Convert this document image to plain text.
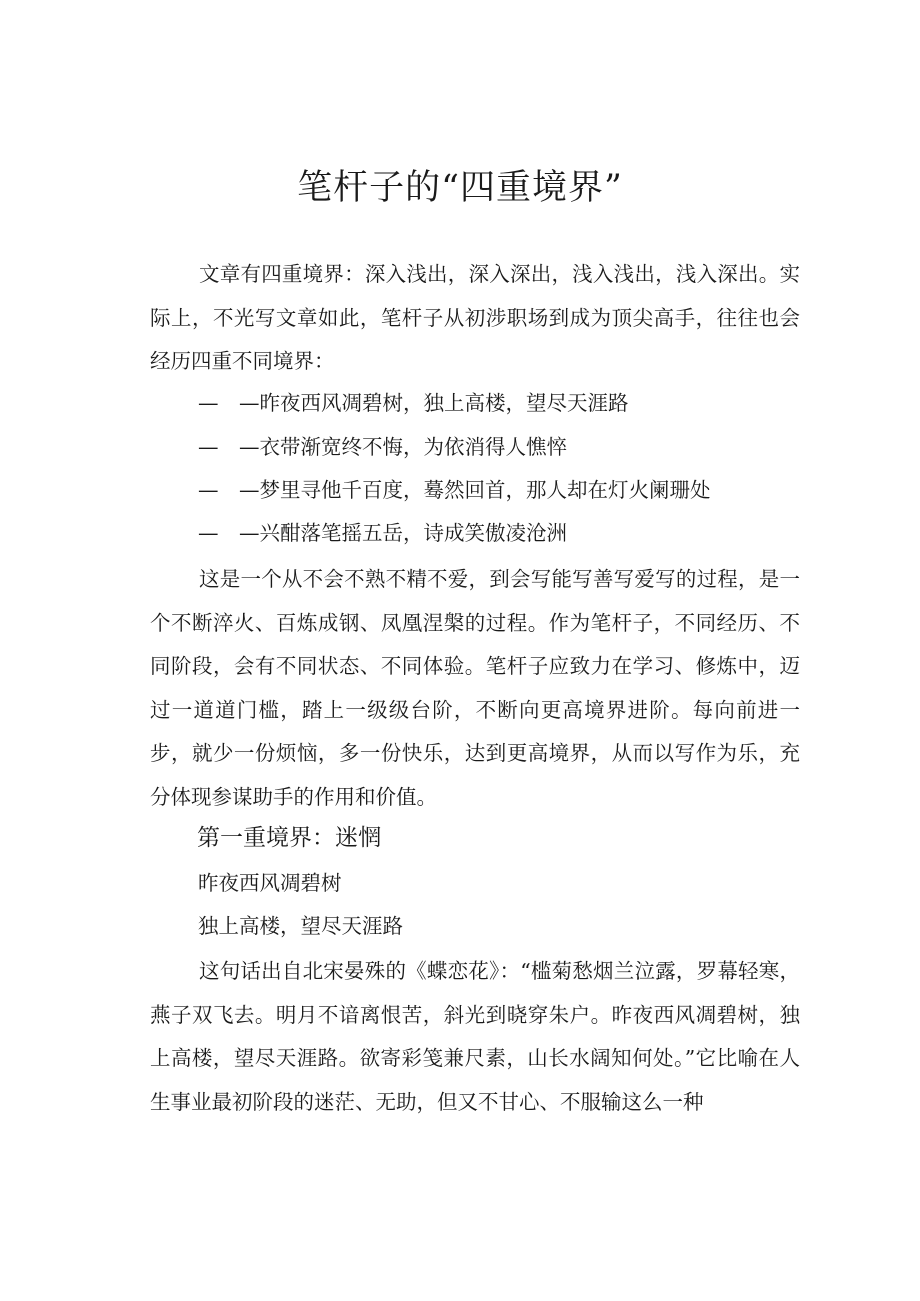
笔杆子的“四重境界”

文章有四重境界：深入浅出，深入深出，浅入浅出，浅入深出。实际上，不光写文章如此，笔杆子从初涉职场到成为顶尖高手，往往也会经历四重不同境界：

—　—昨夜西风凋碧树，独上高楼，望尽天涯路

—　—衣带渐宽终不悔，为依消得人憔悴

—　—梦里寻他千百度，蓦然回首，那人却在灯火阑珊处

—　—兴酣落笔摇五岳，诗成笑傲凌沧洲

这是一个从不会不熟不精不爱，到会写能写善写爱写的过程，是一个不断淬火、百炼成钢、凤凰涅槃的过程。作为笔杆子，不同经历、不同阶段，会有不同状态、不同体验。笔杆子应致力在学习、修炼中，迈过一道道门槛，踏上一级级台阶，不断向更高境界进阶。每向前进一步，就少一份烦恼，多一份快乐，达到更高境界，从而以写作为乐，充分体现参谋助手的作用和价值。

第一重境界：迷惘

昨夜西风凋碧树

独上高楼，望尽天涯路

这句话出自北宋晏殊的《蝶恋花》：“槛菊愁烟兰泣露，罗幕轻寒，燕子双飞去。明月不谙离恨苦，斜光到晓穿朱户。昨夜西风凋碧树，独上高楼，望尽天涯路。欲寄彩笺兼尺素，山长水阔知何处。”它比喻在人生事业最初阶段的迷茫、无助，但又不甘心、不服输这么一种
